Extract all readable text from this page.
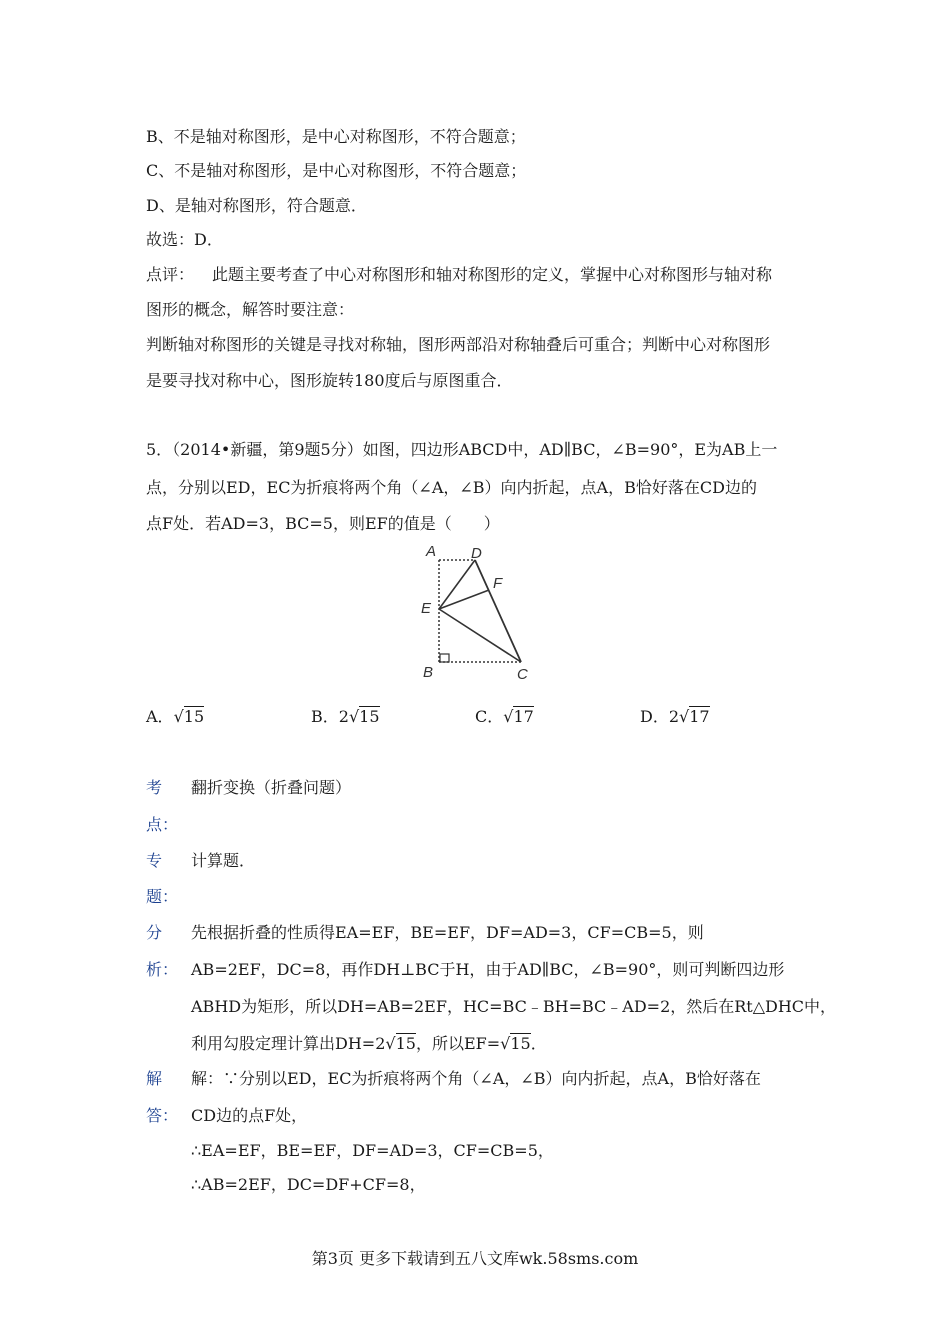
B、不是轴对称图形，是中心对称图形，不符合题意；
C、不是轴对称图形，是中心对称图形，不符合题意；
D、是轴对称图形，符合题意．
故选：D．
点评： 此题主要考查了中心对称图形和轴对称图形的定义，掌握中心对称图形与轴对称
图形的概念，解答时要注意：
判断轴对称图形的关键是寻找对称轴，图形两部沿对称轴叠后可重合；判断中心对称图形
是要寻找对称中心，图形旋转180度后与原图重合．
5．（2014•新疆，第9题5分）如图，四边形ABCD中，AD∥BC，∠B=90°，E为AB上一
点，分别以ED，EC为折痕将两个角（∠A，∠B）向内折起，点A，B恰好落在CD边的
点F处．若AD=3，BC=5，则EF的值是（　　）
A D
F
E
B	C
A．√15	B．2√15	C．√17	D．2√17
考
点：
翻折变换（折叠问题）
专
题：
计算题．
分
析：
先根据折叠的性质得EA=EF，BE=EF，DF=AD=3，CF=CB=5，则
AB=2EF，DC=8，再作DH⊥BC于H，由于AD∥BC，∠B=90°，则可判断四边形
ABHD为矩形，所以DH=AB=2EF，HC=BC﹣BH=BC﹣AD=2，然后在Rt△DHC中，
利用勾股定理计算出DH=2√15，所以EF=√15．
解
答：
解：∵分别以ED，EC为折痕将两个角（∠A，∠B）向内折起，点A，B恰好落在
CD边的点F处，
∴EA=EF，BE=EF，DF=AD=3，CF=CB=5，
∴AB=2EF，DC=DF+CF=8，
第3页 更多下载请到五八文库wk.58sms.com
